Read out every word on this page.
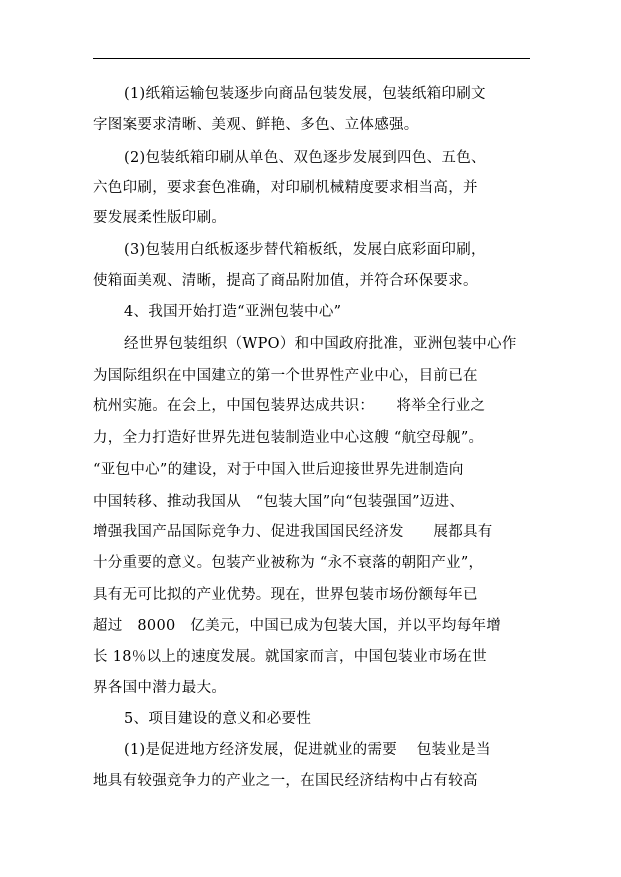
(1)纸箱运输包装逐步向商品包装发展，包装纸箱印刷文
字图案要求清晰、美观、鲜艳、多色、立体感强。
(2)包装纸箱印刷从单色、双色逐步发展到四色、五色、
六色印刷，要求套色准确，对印刷机械精度要求相当高，并
要发展柔性版印刷。
(3)包装用白纸板逐步替代箱板纸，发展白底彩面印刷，
使箱面美观、清晰，提高了商品附加值，并符合环保要求。
4、我国开始打造“亚洲包装中心”
经世界包装组织（WPO）和中国政府批准，亚洲包装中心作
为国际组织在中国建立的第一个世界性产业中心，目前已在
杭州实施。在会上，中国包装界达成共识：　　将举全行业之
力，全力打造好世界先进包装制造业中心这艘 “航空母舰”。
“亚包中心”的建设，对于中国入世后迎接世界先进制造向
中国转移、推动我国从　“包装大国”向“包装强国”迈进、
增强我国产品国际竞争力、促进我国国民经济发　　展都具有
十分重要的意义。包装产业被称为 “永不衰落的朝阳产业”，
具有无可比拟的产业优势。现在，世界包装市场份额每年已
超过　8000　亿美元，中国已成为包装大国，并以平均每年增
长 18％以上的速度发展。就国家而言，中国包装业市场在世
界各国中潜力最大。
5、项目建设的意义和必要性
(1)是促进地方经济发展，促进就业的需要　 包装业是当
地具有较强竞争力的产业之一，在国民经济结构中占有较高
